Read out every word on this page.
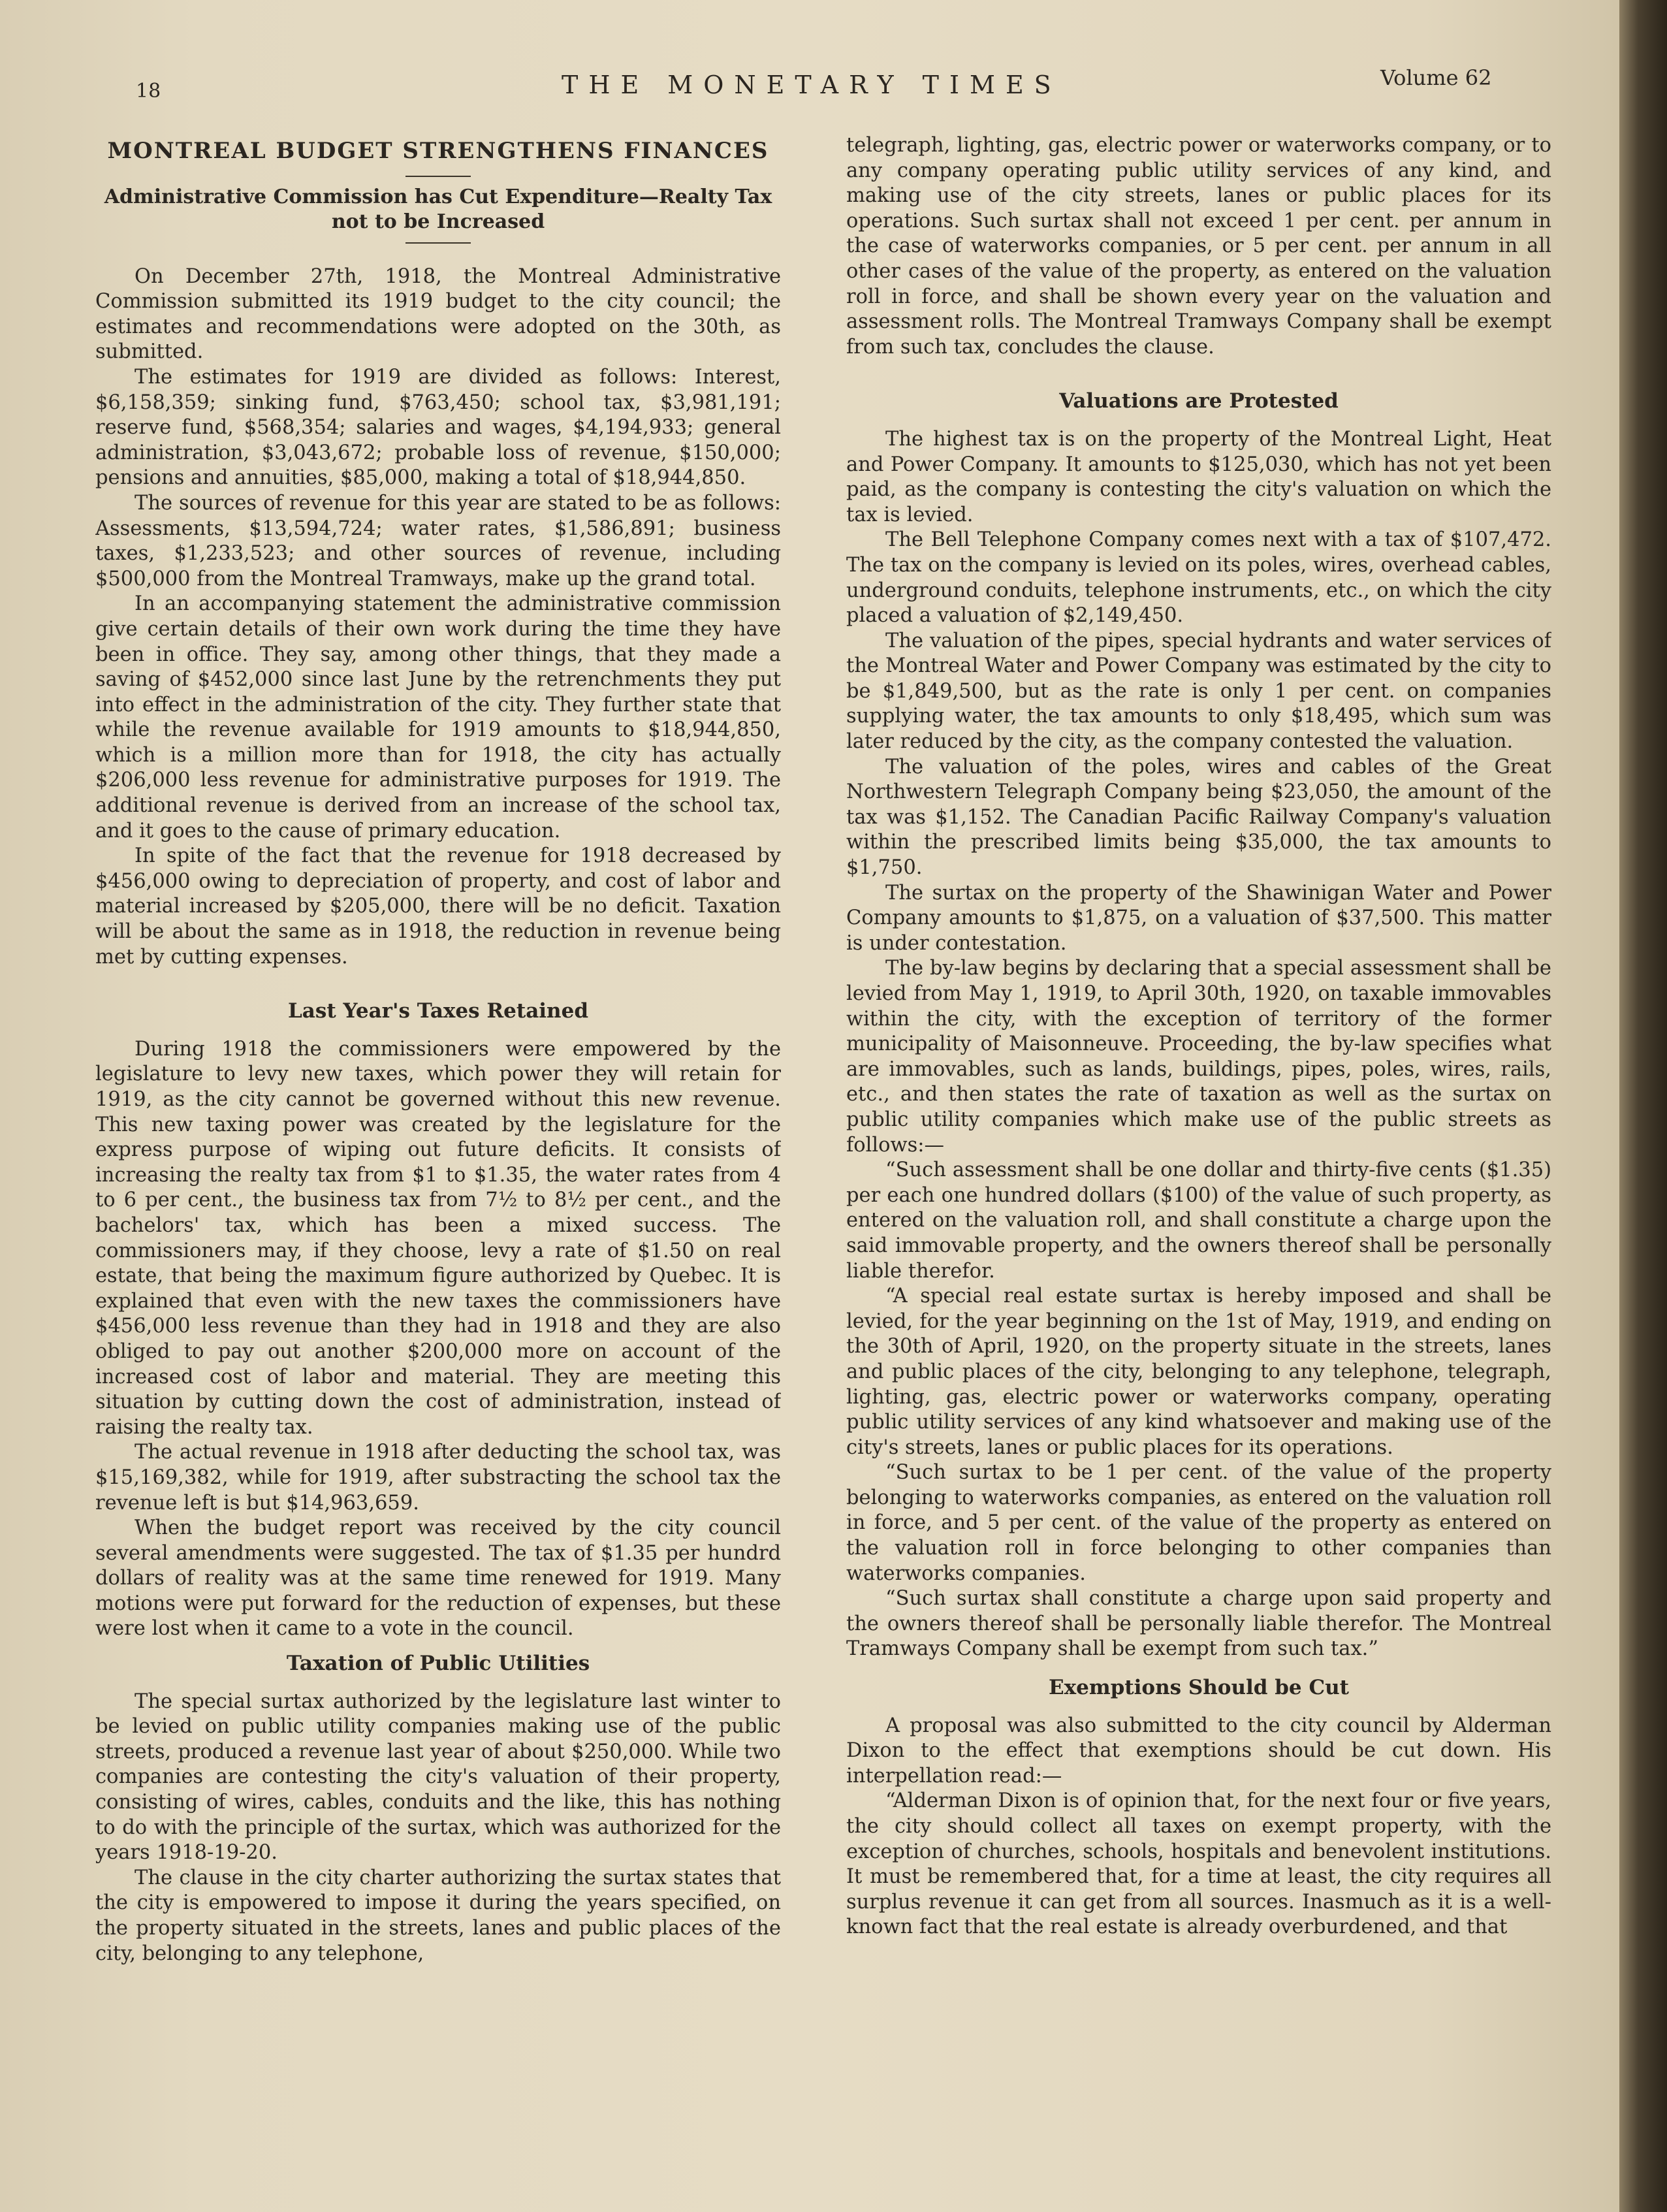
18	THE MONETARY TIMES	Volume 62
MONTREAL BUDGET STRENGTHENS FINANCES
Administrative Commission has Cut Expenditure—Realty Tax not to be Increased

On December 27th, 1918, the Montreal Administrative Commission submitted its 1919 budget to the city council; the estimates and recommendations were adopted on the 30th, as submitted.

The estimates for 1919 are divided as follows: Interest, $6,158,359; sinking fund, $763,450; school tax, $3,981,191; reserve fund, $568,354; salaries and wages, $4,194,933; general administration, $3,043,672; probable loss of revenue, $150,000; pensions and annuities, $85,000, making a total of $18,944,850.

The sources of revenue for this year are stated to be as follows: Assessments, $13,594,724; water rates, $1,586,891; business taxes, $1,233,523; and other sources of revenue, including $500,000 from the Montreal Tramways, make up the grand total.

In an accompanying statement the administrative commission give certain details of their own work during the time they have been in office. They say, among other things, that they made a saving of $452,000 since last June by the retrenchments they put into effect in the administration of the city. They further state that while the revenue available for 1919 amounts to $18,944,850, which is a million more than for 1918, the city has actually $206,000 less revenue for administrative purposes for 1919. The additional revenue is derived from an increase of the school tax, and it goes to the cause of primary education.

In spite of the fact that the revenue for 1918 decreased by $456,000 owing to depreciation of property, and cost of labor and material increased by $205,000, there will be no deficit. Taxation will be about the same as in 1918, the reduction in revenue being met by cutting expenses.

Last Year's Taxes Retained

During 1918 the commissioners were empowered by the legislature to levy new taxes, which power they will retain for 1919, as the city cannot be governed without this new revenue. This new taxing power was created by the legislature for the express purpose of wiping out future deficits. It consists of increasing the realty tax from $1 to $1.35, the water rates from 4 to 6 per cent., the business tax from 7½ to 8½ per cent., and the bachelors' tax, which has been a mixed success. The commissioners may, if they choose, levy a rate of $1.50 on real estate, that being the maximum figure authorized by Quebec. It is explained that even with the new taxes the commissioners have $456,000 less revenue than they had in 1918 and they are also obliged to pay out another $200,000 more on account of the increased cost of labor and material. They are meeting this situation by cutting down the cost of administration, instead of raising the realty tax.

The actual revenue in 1918 after deducting the school tax, was $15,169,382, while for 1919, after substracting the school tax the revenue left is but $14,963,659.

When the budget report was received by the city council several amendments were suggested. The tax of $1.35 per hundrd dollars of reality was at the same time renewed for 1919. Many motions were put forward for the reduction of expenses, but these were lost when it came to a vote in the council.

Taxation of Public Utilities

The special surtax authorized by the legislature last winter to be levied on public utility companies making use of the public streets, produced a revenue last year of about $250,000. While two companies are contesting the city's valuation of their property, consisting of wires, cables, conduits and the like, this has nothing to do with the principle of the surtax, which was authorized for the years 1918-19-20.

The clause in the city charter authorizing the surtax states that the city is empowered to impose it during the years specified, on the property situated in the streets, lanes and public places of the city, belonging to any telephone,

telegraph, lighting, gas, electric power or waterworks company, or to any company operating public utility services of any kind, and making use of the city streets, lanes or public places for its operations. Such surtax shall not exceed 1 per cent. per annum in the case of waterworks companies, or 5 per cent. per annum in all other cases of the value of the property, as entered on the valuation roll in force, and shall be shown every year on the valuation and assessment rolls. The Montreal Tramways Company shall be exempt from such tax, concludes the clause.

Valuations are Protested

The highest tax is on the property of the Montreal Light, Heat and Power Company. It amounts to $125,030, which has not yet been paid, as the company is contesting the city's valuation on which the tax is levied.

The Bell Telephone Company comes next with a tax of $107,472. The tax on the company is levied on its poles, wires, overhead cables, underground conduits, telephone instruments, etc., on which the city placed a valuation of $2,149,450.

The valuation of the pipes, special hydrants and water services of the Montreal Water and Power Company was estimated by the city to be $1,849,500, but as the rate is only 1 per cent. on companies supplying water, the tax amounts to only $18,495, which sum was later reduced by the city, as the company contested the valuation.

The valuation of the poles, wires and cables of the Great Northwestern Telegraph Company being $23,050, the amount of the tax was $1,152. The Canadian Pacific Railway Company's valuation within the prescribed limits being $35,000, the tax amounts to $1,750.

The surtax on the property of the Shawinigan Water and Power Company amounts to $1,875, on a valuation of $37,500. This matter is under contestation.

The by-law begins by declaring that a special assessment shall be levied from May 1, 1919, to April 30th, 1920, on taxable immovables within the city, with the exception of territory of the former municipality of Maisonneuve. Proceeding, the by-law specifies what are immovables, such as lands, buildings, pipes, poles, wires, rails, etc., and then states the rate of taxation as well as the surtax on public utility companies which make use of the public streets as follows:—

“Such assessment shall be one dollar and thirty-five cents ($1.35) per each one hundred dollars ($100) of the value of such property, as entered on the valuation roll, and shall constitute a charge upon the said immovable property, and the owners thereof shall be personally liable therefor.

“A special real estate surtax is hereby imposed and shall be levied, for the year beginning on the 1st of May, 1919, and ending on the 30th of April, 1920, on the property situate in the streets, lanes and public places of the city, belonging to any telephone, telegraph, lighting, gas, electric power or waterworks company, operating public utility services of any kind whatsoever and making use of the city's streets, lanes or public places for its operations.

“Such surtax to be 1 per cent. of the value of the property belonging to waterworks companies, as entered on the valuation roll in force, and 5 per cent. of the value of the property as entered on the valuation roll in force belonging to other companies than waterworks companies.

“Such surtax shall constitute a charge upon said property and the owners thereof shall be personally liable therefor. The Montreal Tramways Company shall be exempt from such tax.”

Exemptions Should be Cut

A proposal was also submitted to the city council by Alderman Dixon to the effect that exemptions should be cut down. His interpellation read:—

“Alderman Dixon is of opinion that, for the next four or five years, the city should collect all taxes on exempt property, with the exception of churches, schools, hospitals and benevolent institutions. It must be remembered that, for a time at least, the city requires all surplus revenue it can get from all sources. Inasmuch as it is a well-known fact that the real estate is already overburdened, and that
